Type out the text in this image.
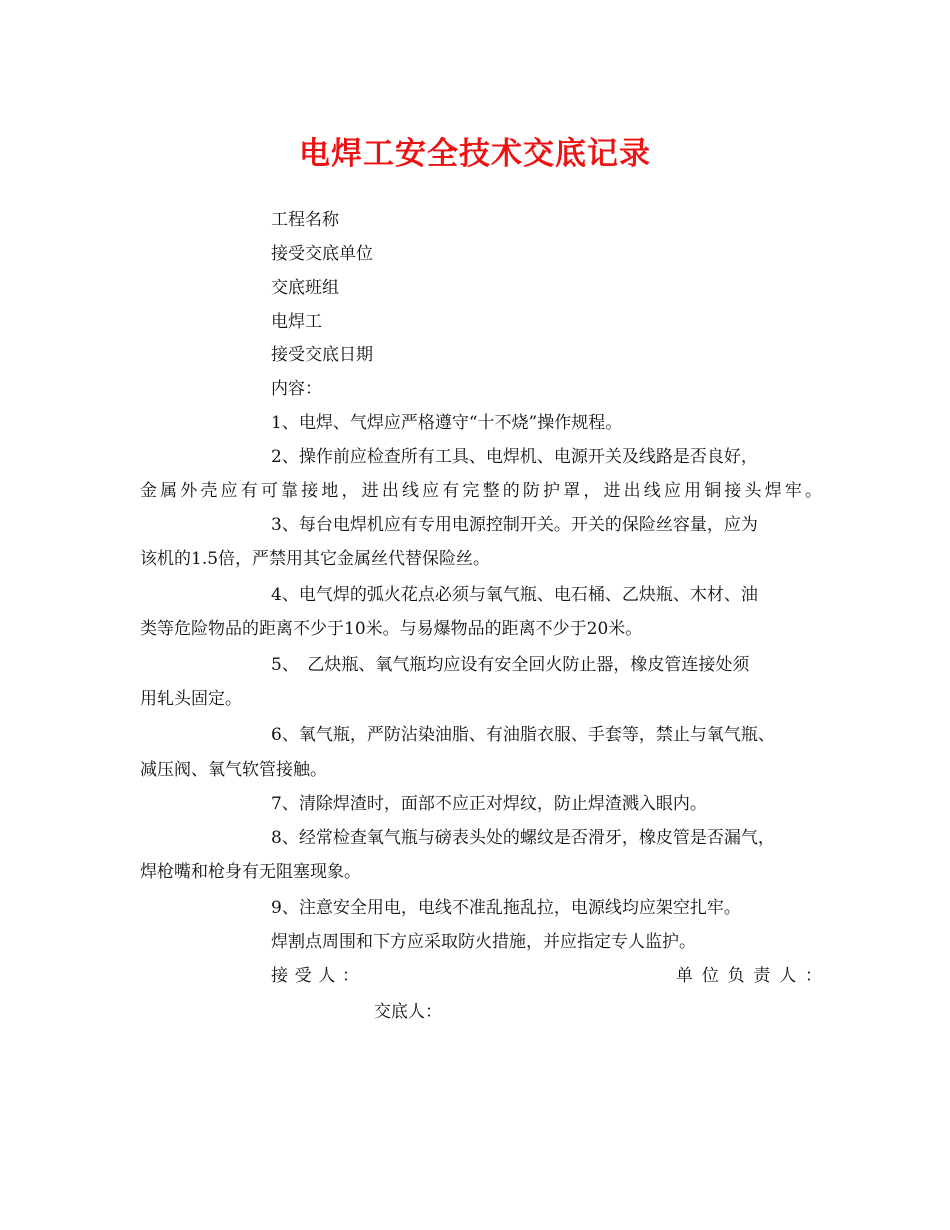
电焊工安全技术交底记录

工程名称

接受交底单位

交底班组

电焊工

接受交底日期

内容：

1、电焊、气焊应严格遵守“十不烧”操作规程。

2、操作前应检查所有工具、电焊机、电源开关及线路是否良好，

金属外壳应有可靠接地，进出线应有完整的防护罩，进出线应用铜接头焊牢。

3、每台电焊机应有专用电源控制开关。开关的保险丝容量，应为

该机的1.5倍，严禁用其它金属丝代替保险丝。

4、电气焊的弧火花点必须与氧气瓶、电石桶、乙炔瓶、木材、油

类等危险物品的距离不少于10米。与易爆物品的距离不少于20米。

5、　乙炔瓶、氧气瓶均应设有安全回火防止器，橡皮管连接处须

用轧头固定。

6、氧气瓶，严防沾染油脂、有油脂衣服、手套等，禁止与氧气瓶、

减压阀、氧气软管接触。

7、清除焊渣时，面部不应正对焊纹，防止焊渣溅入眼内。

8、经常检查氧气瓶与磅表头处的螺纹是否滑牙，橡皮管是否漏气，

焊枪嘴和枪身有无阻塞现象。

9、注意安全用电，电线不准乱拖乱拉，电源线均应架空扎牢。

焊割点周围和下方应采取防火措施，并应指定专人监护。

接受人：	单位负责人：

交底人：
